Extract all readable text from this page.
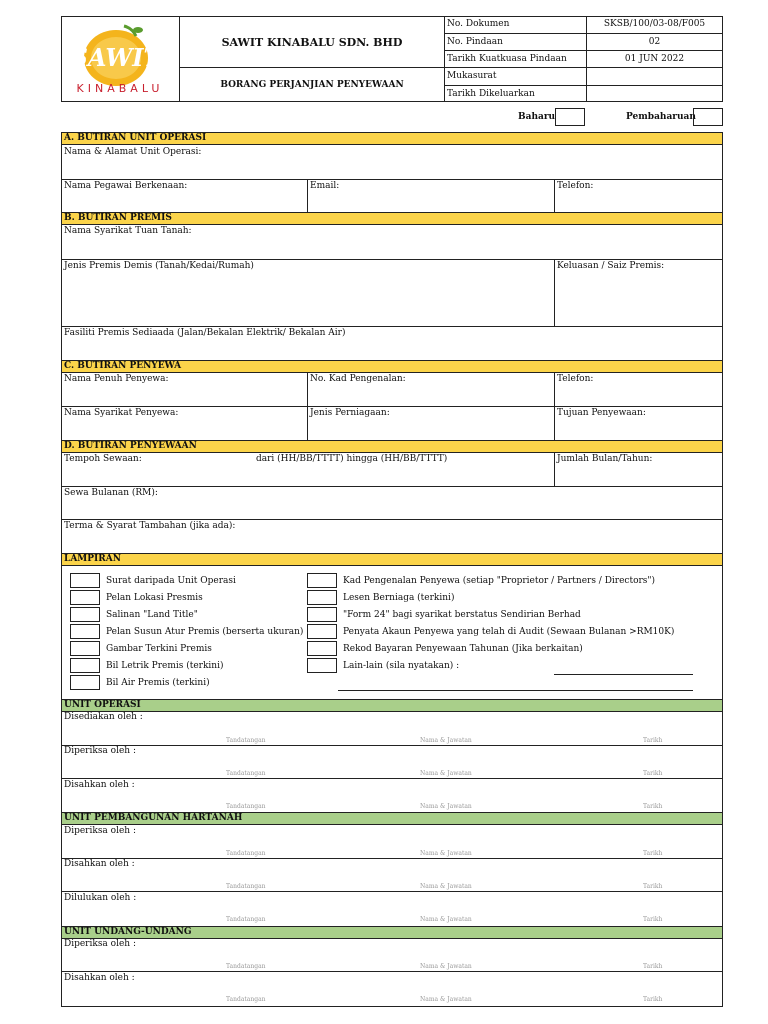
SAWIT
KINABALU
SAWIT KINABALU SDN. BHD
BORANG PERJANJIAN PENYEWAAN
No. Dokumen	SKSB/100/03-08/F005
No. Pindaan	02
Tarikh Kuatkuasa Pindaan	01 JUN 2022
Mukasurat
Tarikh Dikeluarkan
Baharu	Pembaharuan
A. BUTIRAN UNIT OPERASI
Nama & Alamat Unit Operasi:
Nama Pegawai Berkenaan:	Email:	Telefon:
B. BUTIRAN PREMIS
Nama Syarikat Tuan Tanah:
Jenis Premis Demis (Tanah/Kedai/Rumah)	Keluasan / Saiz Premis:
Fasiliti Premis Sediaada (Jalan/Bekalan Elektrik/ Bekalan Air)
C. BUTIRAN PENYEWA
Nama Penuh Penyewa:	No. Kad Pengenalan:	Telefon:
Nama Syarikat Penyewa:	Jenis Perniagaan:	Tujuan Penyewaan:
D. BUTIRAN PENYEWAAN
Tempoh Sewaan:	dari (HH/BB/TTTT) hingga (HH/BB/TTTT)	Jumlah Bulan/Tahun:
Sewa Bulanan (RM):
Terma & Syarat Tambahan (jika ada):
LAMPIRAN
Surat daripada Unit Operasi
Pelan Lokasi Presmis
Salinan "Land Title"
Pelan Susun Atur Premis (berserta ukuran)
Gambar Terkini Premis
Bil Letrik Premis (terkini)
Bil Air Premis (terkini)
Kad Pengenalan Penyewa (setiap "Proprietor / Partners / Directors")
Lesen Berniaga (terkini)
"Form 24" bagi syarikat berstatus Sendirian Berhad
Penyata Akaun Penyewa yang telah di Audit (Sewaan Bulanan >RM10K)
Rekod Bayaran Penyewaan Tahunan (Jika berkaitan)
Lain-lain (sila nyatakan) :
UNIT OPERASI
Disediakan oleh :
Tandatangan	Nama & Jawatan	Tarikh
Diperiksa oleh :
Tandatangan	Nama & Jawatan	Tarikh
Disahkan oleh :
Tandatangan	Nama & Jawatan	Tarikh
UNIT PEMBANGUNAN HARTANAH
Diperiksa oleh :
Tandatangan	Nama & Jawatan	Tarikh
Disahkan oleh :
Tandatangan	Nama & Jawatan	Tarikh
Dilulukan oleh :
Tandatangan	Nama & Jawatan	Tarikh
UNIT UNDANG-UNDANG
Diperiksa oleh :
Tandatangan	Nama & Jawatan	Tarikh
Disahkan oleh :
Tandatangan	Nama & Jawatan	Tarikh
